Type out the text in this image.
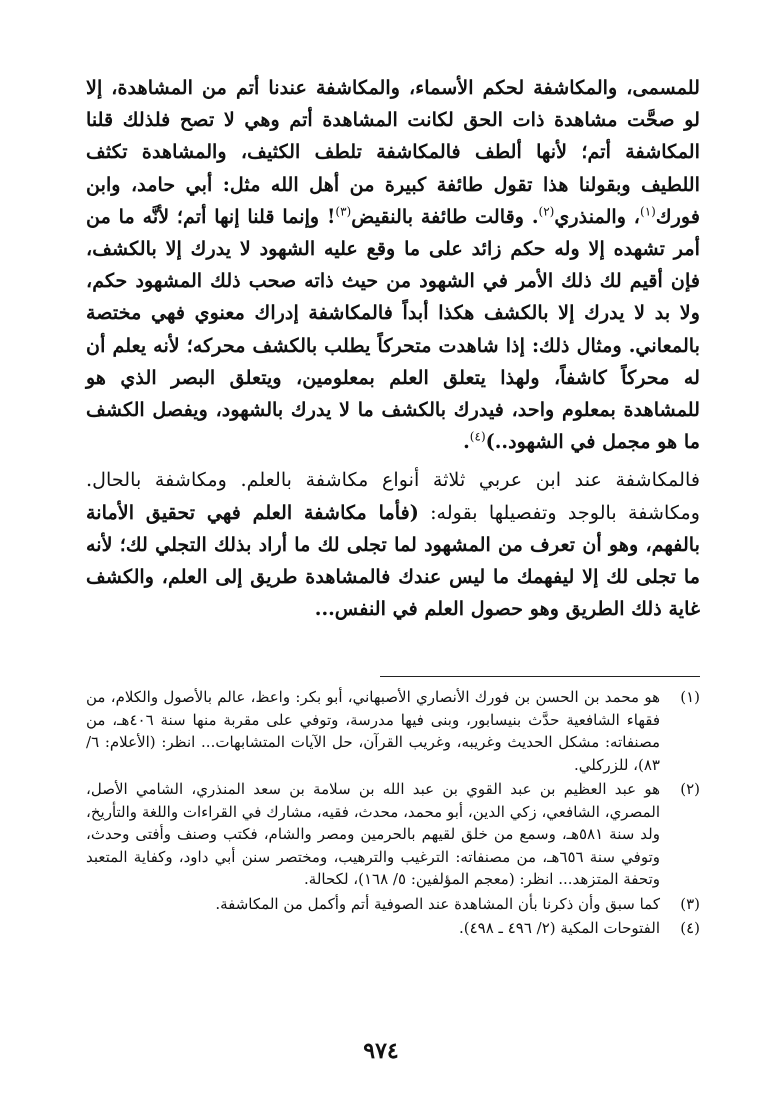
للمسمى، والمكاشفة لحكم الأسماء، والمكاشفة عندنا أتم من المشاهدة، إلا لو صحَّت مشاهدة ذات الحق لكانت المشاهدة أتم وهي لا تصح فلذلك قلنا المكاشفة أتم؛ لأنها ألطف فالمكاشفة تلطف الكثيف، والمشاهدة تكثف اللطيف وبقولنا هذا تقول طائفة كبيرة من أهل الله مثل: أبي حامد، وابن فورك$^{(١)}$، والمنذري$^{(٢)}$. وقالت طائفة بالنقيض$^{(٣)}$! وإنما قلنا إنها أتم؛ لأنَّه ما من أمر تشهده إلا وله حكم زائد على ما وقع عليه الشهود لا يدرك إلا بالكشف، فإن أقيم لك ذلك الأمر في الشهود من حيث ذاته صحب ذلك المشهود حكم، ولا بد لا يدرك إلا بالكشف هكذا أبداً فالمكاشفة إدراك معنوي فهي مختصة بالمعاني. ومثال ذلك: إذا شاهدت متحركاً يطلب بالكشف محركه؛ لأنه يعلم أن له محركاً كاشفاً، ولهذا يتعلق العلم بمعلومين، ويتعلق البصر الذي هو للمشاهدة بمعلوم واحد، فيدرك بالكشف ما لا يدرك بالشهود، ويفصل الكشف ما هو مجمل في الشهود..)$^{(٤)}$.

فالمكاشفة عند ابن عربي ثلاثة أنواع مكاشفة بالعلم. ومكاشفة بالحال. ومكاشفة بالوجد وتفصيلها بقوله: (فأما مكاشفة العلم فهي تحقيق الأمانة بالفهم، وهو أن تعرف من المشهود لما تجلى لك ما أراد بذلك التجلي لك؛ لأنه ما تجلى لك إلا ليفهمك ما ليس عندك فالمشاهدة طريق إلى العلم، والكشف غاية ذلك الطريق وهو حصول العلم في النفس...

(١)
هو محمد بن الحسن بن فورك الأنصاري الأصبهاني، أبو بكر: واعظ، عالم بالأصول والكلام، من فقهاء الشافعية حدَّث بنيسابور، وبنى فيها مدرسة، وتوفي على مقربة منها سنة ٤٠٦هـ، من مصنفاته: مشكل الحديث وغريبه، وغريب القرآن، حل الآيات المتشابهات... انظر: (الأعلام: ٦/ ٨٣)، للزركلي.
(٢)
هو عبد العظيم بن عبد القوي بن عبد الله بن سلامة بن سعد المنذري، الشامي الأصل، المصري، الشافعي، زكي الدين، أبو محمد، محدث، فقيه، مشارك في القراءات واللغة والتأريخ، ولد سنة ٥٨١هـ، وسمع من خلق لقيهم بالحرمين ومصر والشام، فكتب وصنف وأفتى وحدث، وتوفي سنة ٦٥٦هـ، من مصنفاته: الترغيب والترهيب، ومختصر سنن أبي داود، وكفاية المتعبد وتحفة المتزهد... انظر: (معجم المؤلفين: ٥/ ١٦٨)، لكحالة.
(٣)
كما سبق وأن ذكرنا بأن المشاهدة عند الصوفية أتم وأكمل من المكاشفة.
(٤)
الفتوحات المكية (٢/ ٤٩٦ ـ ٤٩٨).
٩٧٤
